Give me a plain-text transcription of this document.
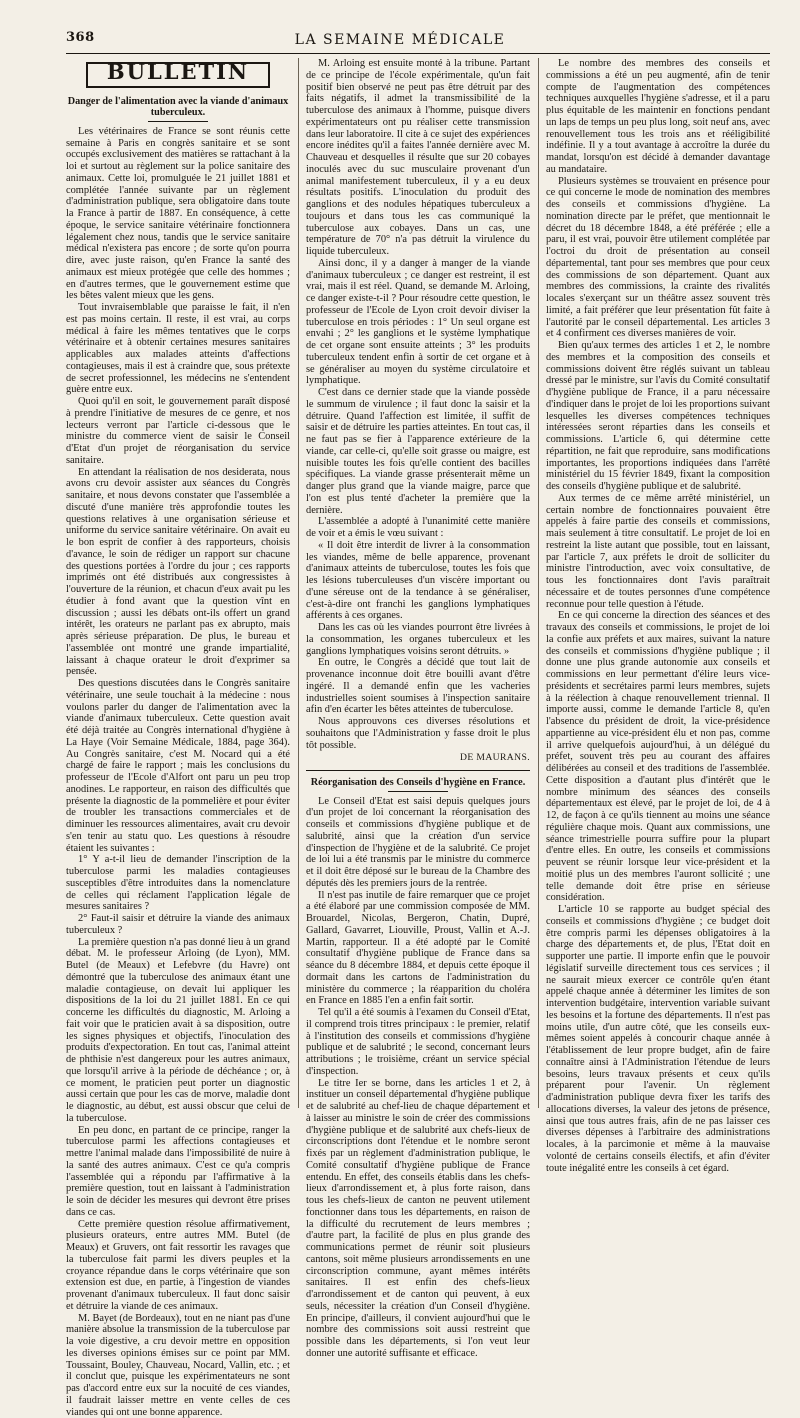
368	LA SEMAINE MÉDICALE
BULLETIN
Danger de l'alimentation avec la viande d'animaux tuberculeux.

Les vétérinaires de France se sont réunis cette semaine à Paris en congrès sanitaire et se sont occupés exclusivement des matières se rattachant à la loi et surtout au règlement sur la police sanitaire des animaux. Cette loi, promulguée le 21 juillet 1881 et complétée l'année suivante par un règlement d'administration publique, sera obligatoire dans toute la France à partir de 1887. En conséquence, à cette époque, le service sanitaire vétérinaire fonctionnera légalement chez nous, tandis que le service sanitaire médical n'existera pas encore ; de sorte qu'on pourra dire, avec juste raison, qu'en France la santé des animaux est mieux protégée que celle des hommes ; en d'autres termes, que le gouvernement estime que les bêtes valent mieux que les gens.

Tout invraisemblable que paraisse le fait, il n'en est pas moins certain. Il reste, il est vrai, au corps médical à faire les mêmes tentatives que le corps vétérinaire et à obtenir certaines mesures sanitaires applicables aux malades atteints d'affections contagieuses, mais il est à craindre que, sous prétexte de secret professionnel, les médecins ne s'entendent guère entre eux.

Quoi qu'il en soit, le gouvernement paraît disposé à prendre l'initiative de mesures de ce genre, et nos lecteurs verront par l'article ci-dessous que le ministre du commerce vient de saisir le Conseil d'Etat d'un projet de réorganisation du service sanitaire.

En attendant la réalisation de nos desiderata, nous avons cru devoir assister aux séances du Congrès sanitaire, et nous devons constater que l'assemblée a discuté d'une manière très approfondie toutes les questions relatives à une organisation sérieuse et uniforme du service sanitaire vétérinaire. On avait eu le bon esprit de confier à des rapporteurs, choisis d'avance, le soin de rédiger un rapport sur chacune des questions portées à l'ordre du jour ; ces rapports imprimés ont été distribués aux congressistes à l'ouverture de la réunion, et chacun d'eux avait pu les étudier à fond avant que la question vînt en discussion ; aussi les débats ont-ils offert un grand intérêt, les orateurs ne parlant pas ex abrupto, mais après sérieuse préparation. De plus, le bureau et l'assemblée ont montré une grande impartialité, laissant à chaque orateur le droit d'exprimer sa pensée.

Des questions discutées dans le Congrès sanitaire vétérinaire, une seule touchait à la médecine : nous voulons parler du danger de l'alimentation avec la viande d'animaux tuberculeux. Cette question avait été déjà traitée au Congrès international d'hygiène à La Haye (Voir Semaine Médicale, 1884, page 364). Au Congrès sanitaire, c'est M. Nocard qui a été chargé de faire le rapport ; mais les conclusions du professeur de l'Ecole d'Alfort ont paru un peu trop anodines. Le rapporteur, en raison des difficultés que présente la diagnostic de la pommelière et pour éviter de troubler les transactions commerciales et de diminuer les ressources alimentaires, avait cru devoir s'en tenir au statu quo. Les questions à résoudre étaient les suivantes :

1° Y a-t-il lieu de demander l'inscription de la tuberculose parmi les maladies contagieuses susceptibles d'être introduites dans la nomenclature de celles qui réclament l'application légale de mesures sanitaires ?

2° Faut-il saisir et détruire la viande des animaux tuberculeux ?

La première question n'a pas donné lieu à un grand débat. M. le professeur Arloing (de Lyon), MM. Butel (de Meaux) et Lefebvre (du Havre) ont démontré que la tuberculose des animaux étant une maladie contagieuse, on devait lui appliquer les dispositions de la loi du 21 juillet 1881. En ce qui concerne les difficultés du diagnostic, M. Arloing a fait voir que le praticien avait à sa disposition, outre les signes physiques et objectifs, l'inoculation des produits d'expectoration. En tout cas, l'animal atteint de phthisie n'est dangereux pour les autres animaux, que lorsqu'il arrive à la période de déchéance ; or, à ce moment, le praticien peut porter un diagnostic aussi certain que pour les cas de morve, maladie dont le diagnostic, au début, est aussi obscur que celui de la tuberculose.

En peu donc, en partant de ce principe, ranger la tuberculose parmi les affections contagieuses et mettre l'animal malade dans l'impossibilité de nuire à la santé des autres animaux. C'est ce qu'a compris l'assemblée qui a répondu par l'affirmative à la première question, tout en laissant à l'administration le soin de décider les mesures qui devront être prises dans ce cas.

Cette première question résolue affirmativement, plusieurs orateurs, entre autres MM. Butel (de Meaux) et Gruvers, ont fait ressortir les ravages que la tuberculose fait parmi les divers peuples et la croyance répandue dans le corps vétérinaire que son extension est due, en partie, à l'ingestion de viandes provenant d'animaux tuberculeux. Il faut donc saisir et détruire la viande de ces animaux.

M. Bayet (de Bordeaux), tout en ne niant pas d'une manière absolue la transmission de la tuberculose par la voie digestive, a cru devoir mettre en opposition les diverses opinions émises sur ce point par MM. Toussaint, Bouley, Chauveau, Nocard, Vallin, etc. ; et il conclut que, puisque les expérimentateurs ne sont pas d'accord entre eux sur la nocuité de ces viandes, il faudrait laisser mettre en vente celles de ces viandes qui ont une bonne apparence.

M. Arloing est ensuite monté à la tribune. Partant de ce principe de l'école expérimentale, qu'un fait positif bien observé ne peut pas être détruit par des faits négatifs, il admet la transmissibilité de la tuberculose des animaux à l'homme, puisque divers expérimentateurs ont pu réaliser cette transmission dans leur laboratoire. Il cite à ce sujet des expériences encore inédites qu'il a faites l'année dernière avec M. Chauveau et desquelles il résulte que sur 20 cobayes inoculés avec du suc musculaire provenant d'un animal manifestement tuberculeux, il y a eu deux résultats positifs. L'inoculation du produit des ganglions et des nodules hépatiques tuberculeux a toujours et dans tous les cas communiqué la tuberculose aux cobayes. Dans un cas, une température de 70° n'a pas détruit la virulence du liquide tuberculeux.

Ainsi donc, il y a danger à manger de la viande d'animaux tuberculeux ; ce danger est restreint, il est vrai, mais il est réel. Quand, se demande M. Arloing, ce danger existe-t-il ? Pour résoudre cette question, le professeur de l'Ecole de Lyon croit devoir diviser la tuberculose en trois périodes : 1° Un seul organe est envahi ; 2° les ganglions et le système lymphatique de cet organe sont ensuite atteints ; 3° les produits tuberculeux tendent enfin à sortir de cet organe et à se généraliser au moyen du système circulatoire et lymphatique.

C'est dans ce dernier stade que la viande possède le summum de virulence ; il faut donc la saisir et la détruire. Quand l'affection est limitée, il suffit de saisir et de détruire les parties atteintes. En tout cas, il ne faut pas se fier à l'apparence extérieure de la viande, car celle-ci, qu'elle soit grasse ou maigre, est nuisible toutes les fois qu'elle contient des bacilles spécifiques. La viande grasse présenterait même un danger plus grand que la viande maigre, parce que l'on est plus tenté d'acheter la première que la dernière.

L'assemblée a adopté à l'unanimité cette manière de voir et a émis le vœu suivant :

« Il doit être interdit de livrer à la consommation les viandes, même de belle apparence, provenant d'animaux atteints de tuberculose, toutes les fois que les lésions tuberculeuses d'un viscère important ou d'une séreuse ont de la tendance à se généraliser, c'est-à-dire ont franchi les ganglions lymphatiques afférents à ces organes.

Dans les cas où les viandes pourront être livrées à la consommation, les organes tuberculeux et les ganglions lymphatiques voisins seront détruits. »

En outre, le Congrès a décidé que tout lait de provenance inconnue doit être bouilli avant d'être ingéré. Il a demandé enfin que les vacheries industrielles soient soumises à l'inspection sanitaire afin d'en écarter les bêtes atteintes de tuberculose.

Nous approuvons ces diverses résolutions et souhaitons que l'Administration y fasse droit le plus tôt possible.

DE MAURANS.
Réorganisation des Conseils d'hygiène en France.

Le Conseil d'Etat est saisi depuis quelques jours d'un projet de loi concernant la réorganisation des conseils et commissions d'hygiène publique et de salubrité, ainsi que la création d'un service d'inspection de l'hygiène et de la salubrité. Ce projet de loi lui a été transmis par le ministre du commerce et il doit être déposé sur le bureau de la Chambre des députés dès les premiers jours de la rentrée.

Il n'est pas inutile de faire remarquer que ce projet a été élaboré par une commission composée de MM. Brouardel, Nicolas, Bergeron, Chatin, Dupré, Gallard, Gavarret, Liouville, Proust, Vallin et A.-J. Martin, rapporteur. Il a été adopté par le Comité consultatif d'hygiène publique de France dans sa séance du 8 décembre 1884, et depuis cette époque il dormait dans les cartons de l'administration du ministère du commerce ; la réapparition du choléra en France en 1885 l'en a enfin fait sortir.

Tel qu'il a été soumis à l'examen du Conseil d'Etat, il comprend trois titres principaux : le premier, relatif à l'institution des conseils et commissions d'hygiène publique et de salubrité ; le second, concernant leurs attributions ; le troisième, créant un service spécial d'inspection.

Le titre Ier se borne, dans les articles 1 et 2, à instituer un conseil départemental d'hygiène publique et de salubrité au chef-lieu de chaque département et à laisser au ministre le soin de créer des commissions d'hygiène publique et de salubrité aux chefs-lieux de circonscriptions dont l'étendue et le nombre seront fixés par un règlement d'administration publique, le Comité consultatif d'hygiène publique de France entendu. En effet, des conseils établis dans les chefs-lieux d'arrondissement et, à plus forte raison, dans tous les chefs-lieux de canton ne peuvent utilement fonctionner dans tous les départements, en raison de la difficulté du recrutement de leurs membres ; d'autre part, la facilité de plus en plus grande des communications permet de réunir soit plusieurs cantons, soit même plusieurs arrondissements en une circonscription commune, ayant mêmes intérêts sanitaires. Il est enfin des chefs-lieux d'arrondissement et de canton qui peuvent, à eux seuls, nécessiter la création d'un Conseil d'hygiène. En principe, d'ailleurs, il convient aujourd'hui que le nombre des commissions soit aussi restreint que possible dans les départements, si l'on veut leur donner une autorité suffisante et efficace.

Le nombre des membres des conseils et commissions a été un peu augmenté, afin de tenir compte de l'augmentation des compétences techniques auxquelles l'hygiène s'adresse, et il a paru plus équitable de les maintenir en fonctions pendant un laps de temps un peu plus long, soit neuf ans, avec renouvellement tous les trois ans et rééligibilité indéfinie. Il y a tout avantage à accroître la durée du mandat, lorsqu'on est décidé à demander davantage au mandataire.

Plusieurs systèmes se trouvaient en présence pour ce qui concerne le mode de nomination des membres des conseils et commissions d'hygiène. La nomination directe par le préfet, que mentionnait le décret du 18 décembre 1848, a été préférée ; elle a paru, il est vrai, pouvoir être utilement complétée par l'octroi du droit de présentation au conseil départemental, tant pour ses membres que pour ceux des commissions de son département. Quant aux membres des commissions, la crainte des rivalités locales s'exerçant sur un théâtre assez souvent très limité, a fait préférer que leur présentation fût faite à l'autorité par le conseil départemental. Les articles 3 et 4 confirment ces diverses manières de voir.

Bien qu'aux termes des articles 1 et 2, le nombre des membres et la composition des conseils et commissions doivent être réglés suivant un tableau dressé par le ministre, sur l'avis du Comité consultatif d'hygiène publique de France, il a paru nécessaire d'indiquer dans le projet de loi les proportions suivant lesquelles les diverses compétences techniques intéressées seront réparties dans les conseils et commissions. L'article 6, qui détermine cette répartition, ne fait que reproduire, sans modifications importantes, les proportions indiquées dans l'arrêté ministériel du 15 février 1849, fixant la composition des conseils d'hygiène publique et de salubrité.

Aux termes de ce même arrêté ministériel, un certain nombre de fonctionnaires pouvaient être appelés à faire partie des conseils et commissions, mais seulement à titre consultatif. Le projet de loi en restreint la liste autant que possible, tout en laissant, par l'article 7, aux préfets le droit de solliciter du ministre l'introduction, avec voix consultative, de tous les fonctionnaires dont l'avis paraîtrait nécessaire et de toutes personnes d'une compétence reconnue pour telle question à l'étude.

En ce qui concerne la direction des séances et des travaux des conseils et commissions, le projet de loi la confie aux préfets et aux maires, suivant la nature des conseils et commissions d'hygiène publique ; il donne une plus grande autonomie aux conseils et commissions en leur permettant d'élire leurs vice-présidents et secrétaires parmi leurs membres, sujets à la réélection à chaque renouvellement triennal. Il importe aussi, comme le demande l'article 8, qu'en l'absence du président de droit, la vice-présidence appartienne au vice-président élu et non pas, comme il arrive quelquefois aujourd'hui, à un délégué du préfet, souvent très peu au courant des affaires délibérées au conseil et des traditions de l'assemblée. Cette disposition a d'autant plus d'intérêt que le nombre minimum des séances des conseils départementaux est élevé, par le projet de loi, de 4 à 12, de façon à ce qu'ils tiennent au moins une séance régulière chaque mois. Quant aux commissions, une séance trimestrielle pourra suffire pour la plupart d'entre elles. En outre, les conseils et commissions peuvent se réunir lorsque leur vice-président et la moitié plus un des membres l'auront sollicité ; une telle demande doit être prise en sérieuse considération.

L'article 10 se rapporte au budget spécial des conseils et commissions d'hygiène ; ce budget doit être compris parmi les dépenses obligatoires à la charge des départements et, de plus, l'Etat doit en supporter une partie. Il importe enfin que le pouvoir législatif surveille directement tous ces services ; il ne saurait mieux exercer ce contrôle qu'en étant appelé chaque année à déterminer les limites de son intervention budgétaire, intervention variable suivant les besoins et la fortune des départements. Il n'est pas moins utile, d'un autre côté, que les conseils eux-mêmes soient appelés à concourir chaque année à l'établissement de leur propre budget, afin de faire connaître ainsi à l'Administration l'étendue de leurs besoins, leurs travaux présents et ceux qu'ils préparent pour l'avenir. Un règlement d'administration publique devra fixer les tarifs des allocations diverses, la valeur des jetons de présence, ainsi que tous autres frais, afin de ne pas laisser ces diverses dépenses à l'arbitraire des administrations locales, à la parcimonie et même à la mauvaise volonté de certains conseils électifs, et afin d'éviter toute inégalité entre les conseils à cet égard.
